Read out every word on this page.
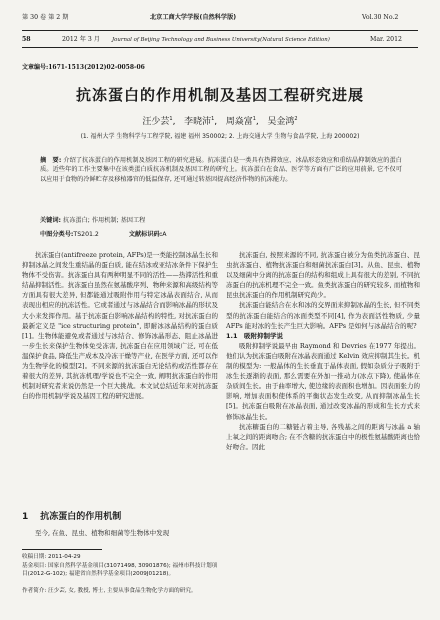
第 30 卷 第 2 期	北京工商大学学报(自然科学版)	Vol.30 No.2
58	2012 年 3 月 Journal of Beijing Technology and Business University(Natural Science Edition)	Mar. 2012
文章编号:1671-1513(2012)02-0058-06
抗冻蛋白的作用机制及基因工程研究进展
汪少芸$^1$,   李晓沛$^1$,   周焱富$^1$,   吴金鸿$^2$
(1. 福州大学 生物科学与工程学院, 福建 福州 350002; 2. 上海交通大学 生物与食品学院, 上海 200002)
摘　要: 介绍了抗冻蛋白的作用机制及基因工程的研究进展。抗冻蛋白是一类具有热滞效应、冰晶形态效应和重结晶抑制效应的蛋白质。近些年的工作主要集中在该类蛋白质抗冻机制及基因工程的研究上。抗冻蛋白在食品、医学等方面有广泛的应用前景, 它不仅可以应用于食物的冷鲜贮存及移植器官的低温保存, 还可通过转基因提高经济作物的抗冻能力。
关键词: 抗冻蛋白; 作用机制; 基因工程
中图分类号:TS201.2	文献标识码:A

抗冻蛋白(antifreeze protein, AFPs)是一类能控制冰晶生长和抑制冰晶之间发生重结晶的蛋白质, 能在结冰或亚结冰条件下保护生物体不受伤害。抗冻蛋白具有两种明显不同的活性——热滞活性和重结晶抑制活性。抗冻蛋白虽然在氨基酸序列、物种来源和高级结构等方面具有很大差异, 但都能通过吸附作用与特定冰晶表面结合, 从而表现出相应的抗冻活性。它或者通过与冰晶结合而影响冰晶的形状及大小来发挥作用。基于抗冻蛋白影响冰晶结构的特性, 对抗冻蛋白的最新定义是 "ice structuring protein", 即耐冰冰晶结构的蛋白质[1]。生物体能避免或者通过与冰结合、修饰冰晶形态、阻止冰晶进一步生长来保护生物体免受冻害, 抗冻蛋白在应用领域广泛, 可在低温保护食品, 降低生产成本及冷冻干燥等产业, 在医学方面, 还可以作为生物学化的模型[2]。不同来源的抗冻蛋白无论结构或活性都存在着很大的差异, 其抗冻机理/学说也不完全一致, 阐明抗冻蛋白的作用机制对研究者来说仍然是一个巨大挑战。本文试总结近年来对抗冻蛋白的作用机制/学说及基因工程的研究进展。

1 抗冻蛋白的作用机制

至今, 在鱼、昆虫、植物和细菌等生物体中发现

收稿日期: 2011-04-29
基金项目: 国家自然科学基金项目(31071498, 30901876); 福州市科技计划项目(2012-G-102); 福建省自然科学基金项目(2009J01218)。
作者简介: 汪少芸, 女, 教授, 博士, 主要从事食品生物化学方面的研究。

抗冻蛋白, 按照来源的不同, 抗冻蛋白被分为鱼类抗冻蛋白、昆虫抗冻蛋白、植物抗冻蛋白和细菌抗冻蛋白[3]。从鱼、昆虫、植物以及细菌中分离的抗冻蛋白的结构和组成上具有很大的差别, 不同抗冻蛋白的抗冻机理不完全一致。鱼类抗冻蛋白的研究较多, 而植物和昆虫抗冻蛋白的作用机制研究尚少。

抗冻蛋白能结合在水和冰的交界面来抑制冰晶的生长, 但不同类型的抗冻蛋白能结合的冰面类型不同[4], 作为表面活性物质, 少量 AFPs 能对冰的生长产生巨大影响。AFPs 是如何与冰晶结合的呢?

1.1　吸附抑制学说

吸附抑制学说最早由 Raymond 和 Devries 在1977 年提出。他们认为抗冻蛋白吸附在冰晶表面通过 Kelvin 效应抑制其生长。机制的模型为: 一般晶体的生长垂直于晶体表面, 假如杂质分子吸附于冰生长逐渐的表面, 那么需要在外加一推动力(冰点下降), 使晶体在杂质间生长。由于曲率增大, 使边缘的表面积也增加。因表面张力的影响, 增加表面积使体系的平衡状态发生改变, 从而抑制冰晶生长[5]。抗冻蛋白吸附在冰晶表面, 通过改变冰晶的形成和生长方式来修饰冰晶生长。

抗冻糖蛋白的二糖链占着主导, 各残基之间的距离与冰晶 a 轴上氧之间的距离吻合; 在不含糖的抗冻蛋白中的极性氨基酸距离也恰好吻合。因此
